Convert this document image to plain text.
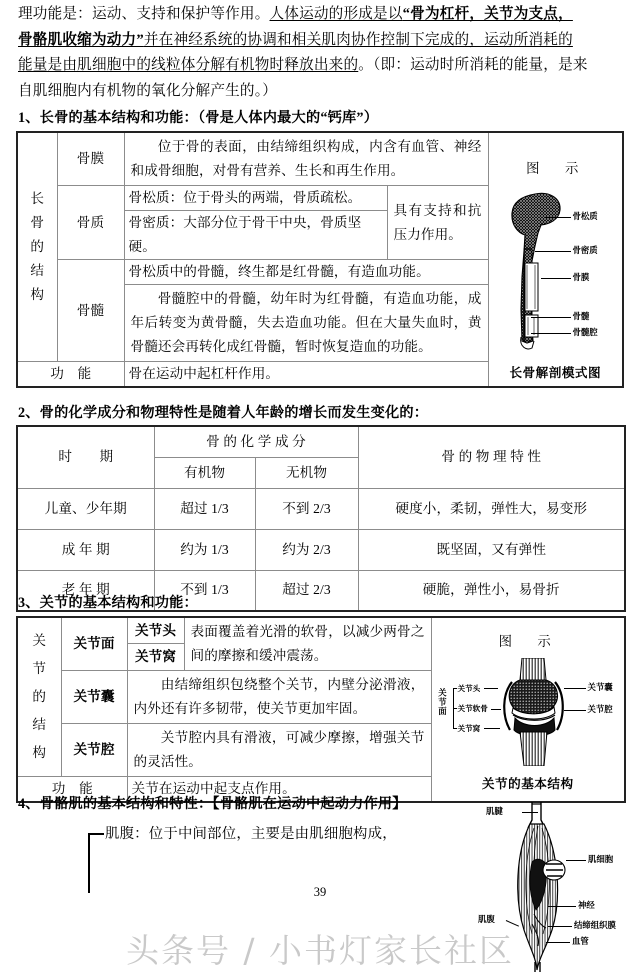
理功能是：运动、支持和保护等作用。人体运动的形成是以“骨为杠杆，关节为支点，
骨骼肌收缩为动力”并在神经系统的协调和相关肌肉协作控制下完成的，运动所消耗的
能量是由肌细胞中的线粒体分解有机物时释放出来的。（即：运动时所消耗的能量，是来
自肌细胞内有机物的氧化分解产生的。）
1、长骨的基本结构和功能：（骨是人体内最大的“钙库”）
长
骨
的
结
构
	骨膜	位于骨的表面，由结缔组织构成，内含有血管、神经和成骨细胞，对骨有营养、生长和再生作用。	图　示
骨松质
骨密质
骨膜
骨髓
骨髓腔
长骨解剖模式图

	骨质	骨松质：位于骨头的两端，骨质疏松。	具有支持和抗压力作用。	
		骨密质：大部分位于骨干中央，骨质坚硬。		
	骨髓	骨松质中的骨髓，终生都是红骨髓，有造血功能。		
		骨髓腔中的骨髓，幼年时为红骨髓，有造血功能，成年后转变为黄骨髓，失去造血功能。但在大量失血时，黄骨髓还会再转化成红骨髓，暂时恢复造血的功能。		
功　能		骨在运动中起杠杆作用。		
2、骨的化学成分和物理特性是随着人年龄的增长而发生变化的：
时　　期	骨 的 化 学 成 分		骨 的 物 理 特 性
	有机物	无机物	
儿童、少年期	超过 1/3	不到 2/3	硬度小，柔韧，弹性大，易变形
成 年 期	约为 1/3	约为 2/3	既坚固，又有弹性
老 年 期	不到 1/3	超过 2/3	硬脆，弹性小，易骨折
3、关节的基本结构和功能：
关
节
的
结
构
	关节面	关节头	表面覆盖着光滑的软骨，以减少两骨之间的摩擦和缓冲震荡。	
图　示
关节面 关节头
关节软骨
关节窝
关节囊
关节腔
关节的基本结构

		关节窝		
	关节囊	由结缔组织包绕整个关节，内壁分泌滑液，内外还有许多韧带，使关节更加牢固。		
	关节腔	关节腔内具有滑液，可减少摩擦，增强关节的灵活性。		
功　能		关节在运动中起支点作用。		
4、骨骼肌的基本结构和特性：【骨骼肌在运动中起动力作用】
肌腹：位于中间部位，主要是由肌细胞构成，
肌腱
肌细胞
神经
结缔组织膜
血管
肌腹
39
头条号 / 小书灯家长社区
